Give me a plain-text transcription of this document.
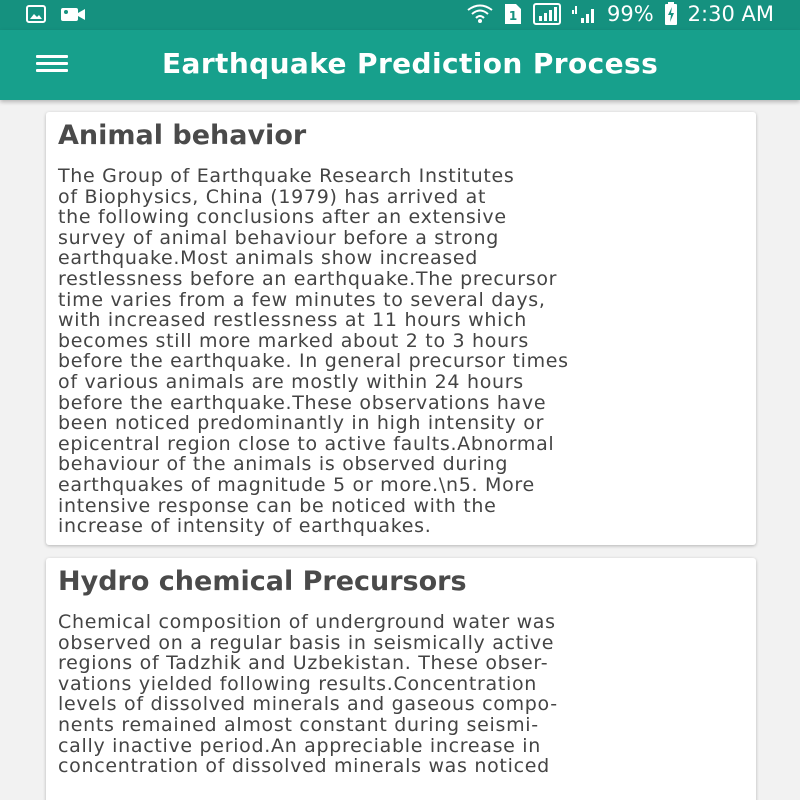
1	99% 2:30 AM
Earthquake Prediction Process
Animal behavior

The Group of Earthquake Research Institutes
of Biophysics, China (1979) has arrived at
the following conclusions after an extensive
survey of animal behaviour before a strong
earthquake.Most animals show increased
restlessness before an earthquake.The precursor
time varies from a few minutes to several days,
with increased restlessness at 11 hours which
becomes still more marked about 2 to 3 hours
before the earthquake. In general precursor times
of various animals are mostly within 24 hours
before the earthquake.These observations have
been noticed predominantly in high intensity or
epicentral region close to active faults.Abnormal
behaviour of the animals is observed during
earthquakes of magnitude 5 or more.\n5. More
intensive response can be noticed with the
increase of intensity of earthquakes.

Hydro chemical Precursors

Chemical composition of underground water was
observed on a regular basis in seismically active
regions of Tadzhik and Uzbekistan. These obser-
vations yielded following results.Concentration
levels of dissolved minerals and gaseous compo-
nents remained almost constant during seismi-
cally inactive period.An appreciable increase in
concentration of dissolved minerals was noticed
